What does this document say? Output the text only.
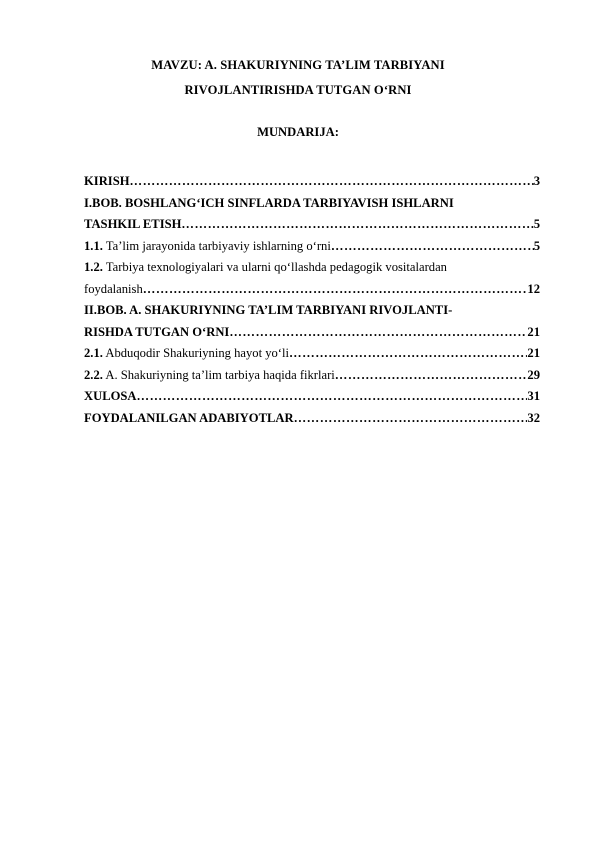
MAVZU: A. SHAKURIYNING TA’LIM TARBIYANI
RIVOJLANTIRISHDA TUTGAN O‘RNI
MUNDARIJA:
KIRISH …………………………………………………………………………………………………………………………………………	3
I.BOB. BOSHLANG‘ICH SINFLARDA TARBIYAVISH ISHLARNI
TASHKIL ETISH …………………………………………………………………………………………………………………………………………	5
1.1. Ta’lim jarayonida tarbiyaviy ishlarning o‘rni …………………………………………………………………………………………………………………………………………	5
1.2. Tarbiya texnologiyalari va ularni qo‘llashda pedagogik vositalardan
foydalanish …………………………………………………………………………………………………………………………………………	12
II.BOB. A. SHAKURIYNING TA’LIM TARBIYANI RIVOJLANTI-
RISHDA TUTGAN O‘RNI …………………………………………………………………………………………………………………………………………	21
2.1. Abduqodir Shakuriyning hayot yo‘li …………………………………………………………………………………………………………………………………………	21
2.2. A. Shakuriyning ta’lim tarbiya haqida fikrlari …………………………………………………………………………………………………………………………………………	29
XULOSA …………………………………………………………………………………………………………………………………………	31
FOYDALANILGAN ADABIYOTLAR …………………………………………………………………………………………………………………………………………	32
